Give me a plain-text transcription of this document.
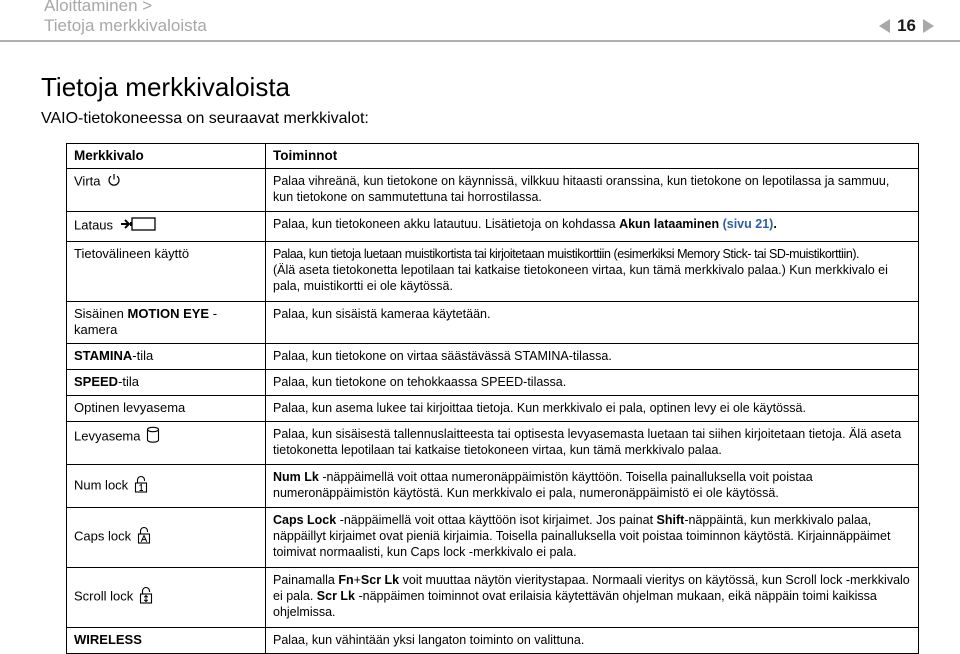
Aloittaminen >
Tietoja merkkivaloista	16
Tietoja merkkivaloista
VAIO-tietokoneessa on seuraavat merkkivalot:
Merkkivalo	Toiminnot
Virta	Palaa vihreänä, kun tietokone on käynnissä, vilkkuu hitaasti oranssina, kun tietokone on lepotilassa ja sammuu, kun tietokone on sammutettuna tai horrostilassa.
Lataus	Palaa, kun tietokoneen akku latautuu. Lisätietoja on kohdassa Akun lataaminen (sivu 21).
Tietovälineen käyttö	Palaa, kun tietoja luetaan muistikortista tai kirjoitetaan muistikorttiin (esimerkiksi Memory Stick- tai SD-muistikorttiin).
(Älä aseta tietokonetta lepotilaan tai katkaise tietokoneen virtaa, kun tämä merkkivalo palaa.) Kun merkkivalo ei pala, muistikortti ei ole käytössä.

Sisäinen MOTION EYE -kamera	Palaa, kun sisäistä kameraa käytetään.
STAMINA-tila	Palaa, kun tietokone on virtaa säästävässä STAMINA-tilassa.
SPEED-tila	Palaa, kun tietokone on tehokkaassa SPEED-tilassa.
Optinen levyasema	Palaa, kun asema lukee tai kirjoittaa tietoja. Kun merkkivalo ei pala, optinen levy ei ole käytössä.
Levyasema	Palaa, kun sisäisestä tallennuslaitteesta tai optisesta levyasemasta luetaan tai siihen kirjoitetaan tietoja. Älä aseta tietokonetta lepotilaan tai katkaise tietokoneen virtaa, kun tämä merkkivalo palaa.
Num lock	Num Lk -näppäimellä voit ottaa numeronäppäimistön käyttöön. Toisella painalluksella voit poistaa numeronäppäimistön käytöstä. Kun merkkivalo ei pala, numeronäppäimistö ei ole käytössä.
Caps lock	Caps Lock -näppäimellä voit ottaa käyttöön isot kirjaimet. Jos painat Shift-näppäintä, kun merkkivalo palaa, näppäillyt kirjaimet ovat pieniä kirjaimia. Toisella painalluksella voit poistaa toiminnon käytöstä. Kirjainnäppäimet toimivat normaalisti, kun Caps lock -merkkivalo ei pala.
Scroll lock	Painamalla Fn+Scr Lk voit muuttaa näytön vieritystapaa. Normaali vieritys on käytössä, kun Scroll lock -merkkivalo ei pala. Scr Lk -näppäimen toiminnot ovat erilaisia käytettävän ohjelman mukaan, eikä näppäin toimi kaikissa ohjelmissa.
WIRELESS	Palaa, kun vähintään yksi langaton toiminto on valittuna.
